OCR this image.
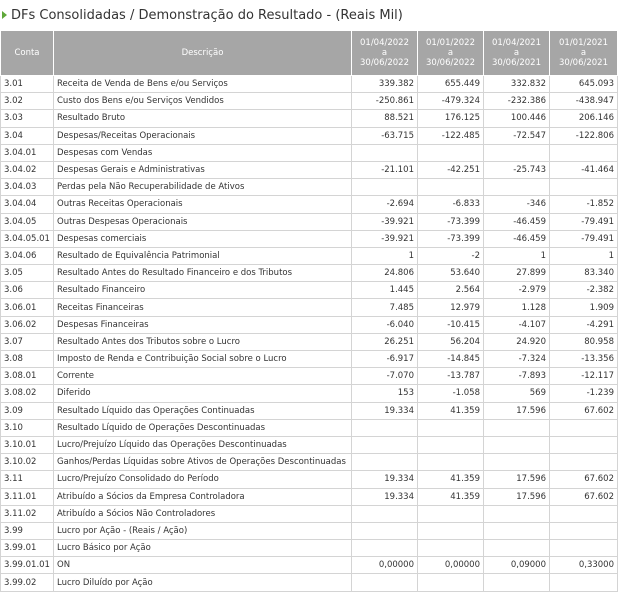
DFs Consolidadas / Demonstração do Resultado - (Reais Mil)
Conta	Descrição	01/04/2022
a
30/06/2022	01/01/2022
a
30/06/2022	01/04/2021
a
30/06/2021	01/01/2021
a
30/06/2021

3.01	Receita de Venda de Bens e/ou Serviços	339.382	655.449	332.832	645.093
3.02	Custo dos Bens e/ou Serviços Vendidos	-250.861	-479.324	-232.386	-438.947
3.03	Resultado Bruto	88.521	176.125	100.446	206.146
3.04	Despesas/Receitas Operacionais	-63.715	-122.485	-72.547	-122.806
3.04.01	Despesas com Vendas				
3.04.02	Despesas Gerais e Administrativas	-21.101	-42.251	-25.743	-41.464
3.04.03	Perdas pela Não Recuperabilidade de Ativos				
3.04.04	Outras Receitas Operacionais	-2.694	-6.833	-346	-1.852
3.04.05	Outras Despesas Operacionais	-39.921	-73.399	-46.459	-79.491
3.04.05.01	Despesas comerciais	-39.921	-73.399	-46.459	-79.491
3.04.06	Resultado de Equivalência Patrimonial	1	-2	1	1
3.05	Resultado Antes do Resultado Financeiro e dos Tributos	24.806	53.640	27.899	83.340
3.06	Resultado Financeiro	1.445	2.564	-2.979	-2.382
3.06.01	Receitas Financeiras	7.485	12.979	1.128	1.909
3.06.02	Despesas Financeiras	-6.040	-10.415	-4.107	-4.291
3.07	Resultado Antes dos Tributos sobre o Lucro	26.251	56.204	24.920	80.958
3.08	Imposto de Renda e Contribuição Social sobre o Lucro	-6.917	-14.845	-7.324	-13.356
3.08.01	Corrente	-7.070	-13.787	-7.893	-12.117
3.08.02	Diferido	153	-1.058	569	-1.239
3.09	Resultado Líquido das Operações Continuadas	19.334	41.359	17.596	67.602
3.10	Resultado Líquido de Operações Descontinuadas				
3.10.01	Lucro/Prejuízo Líquido das Operações Descontinuadas				
3.10.02	Ganhos/Perdas Líquidas sobre Ativos de Operações Descontinuadas				
3.11	Lucro/Prejuízo Consolidado do Período	19.334	41.359	17.596	67.602
3.11.01	Atribuído a Sócios da Empresa Controladora	19.334	41.359	17.596	67.602
3.11.02	Atribuído a Sócios Não Controladores				
3.99	Lucro por Ação - (Reais / Ação)				
3.99.01	Lucro Básico por Ação				
3.99.01.01	ON	0,00000	0,00000	0,09000	0,33000
3.99.02	Lucro Diluído por Ação				
